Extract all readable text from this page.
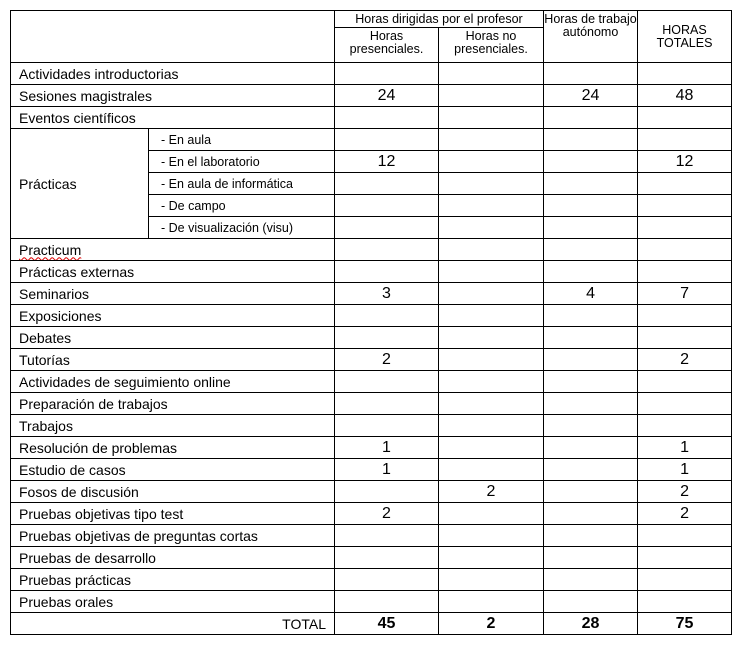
		Horas dirigidas por el profesor		Horas de trabajo autónomo	HORAS TOTALES
		Horas presenciales.	Horas no presenciales.		
Actividades introductorias					
Sesiones magistrales		24		24	48
Eventos científicos					
Prácticas	- En aula				
	- En el laboratorio	12			12
	- En aula de informática				
	- De campo				
	- De visualización (visu)				
Practicum					
Prácticas externas					
Seminarios		3		4	7
Exposiciones					
Debates					
Tutorías		2			2
Actividades de seguimiento online					
Preparación de trabajos					
Trabajos					
Resolución de problemas		1			1
Estudio de casos		1			1
Fosos de discusión			2		2
Pruebas objetivas tipo test		2			2
Pruebas objetivas de preguntas cortas					
Pruebas de desarrollo					
Pruebas prácticas					
Pruebas orales					
TOTAL		45	2	28	75
